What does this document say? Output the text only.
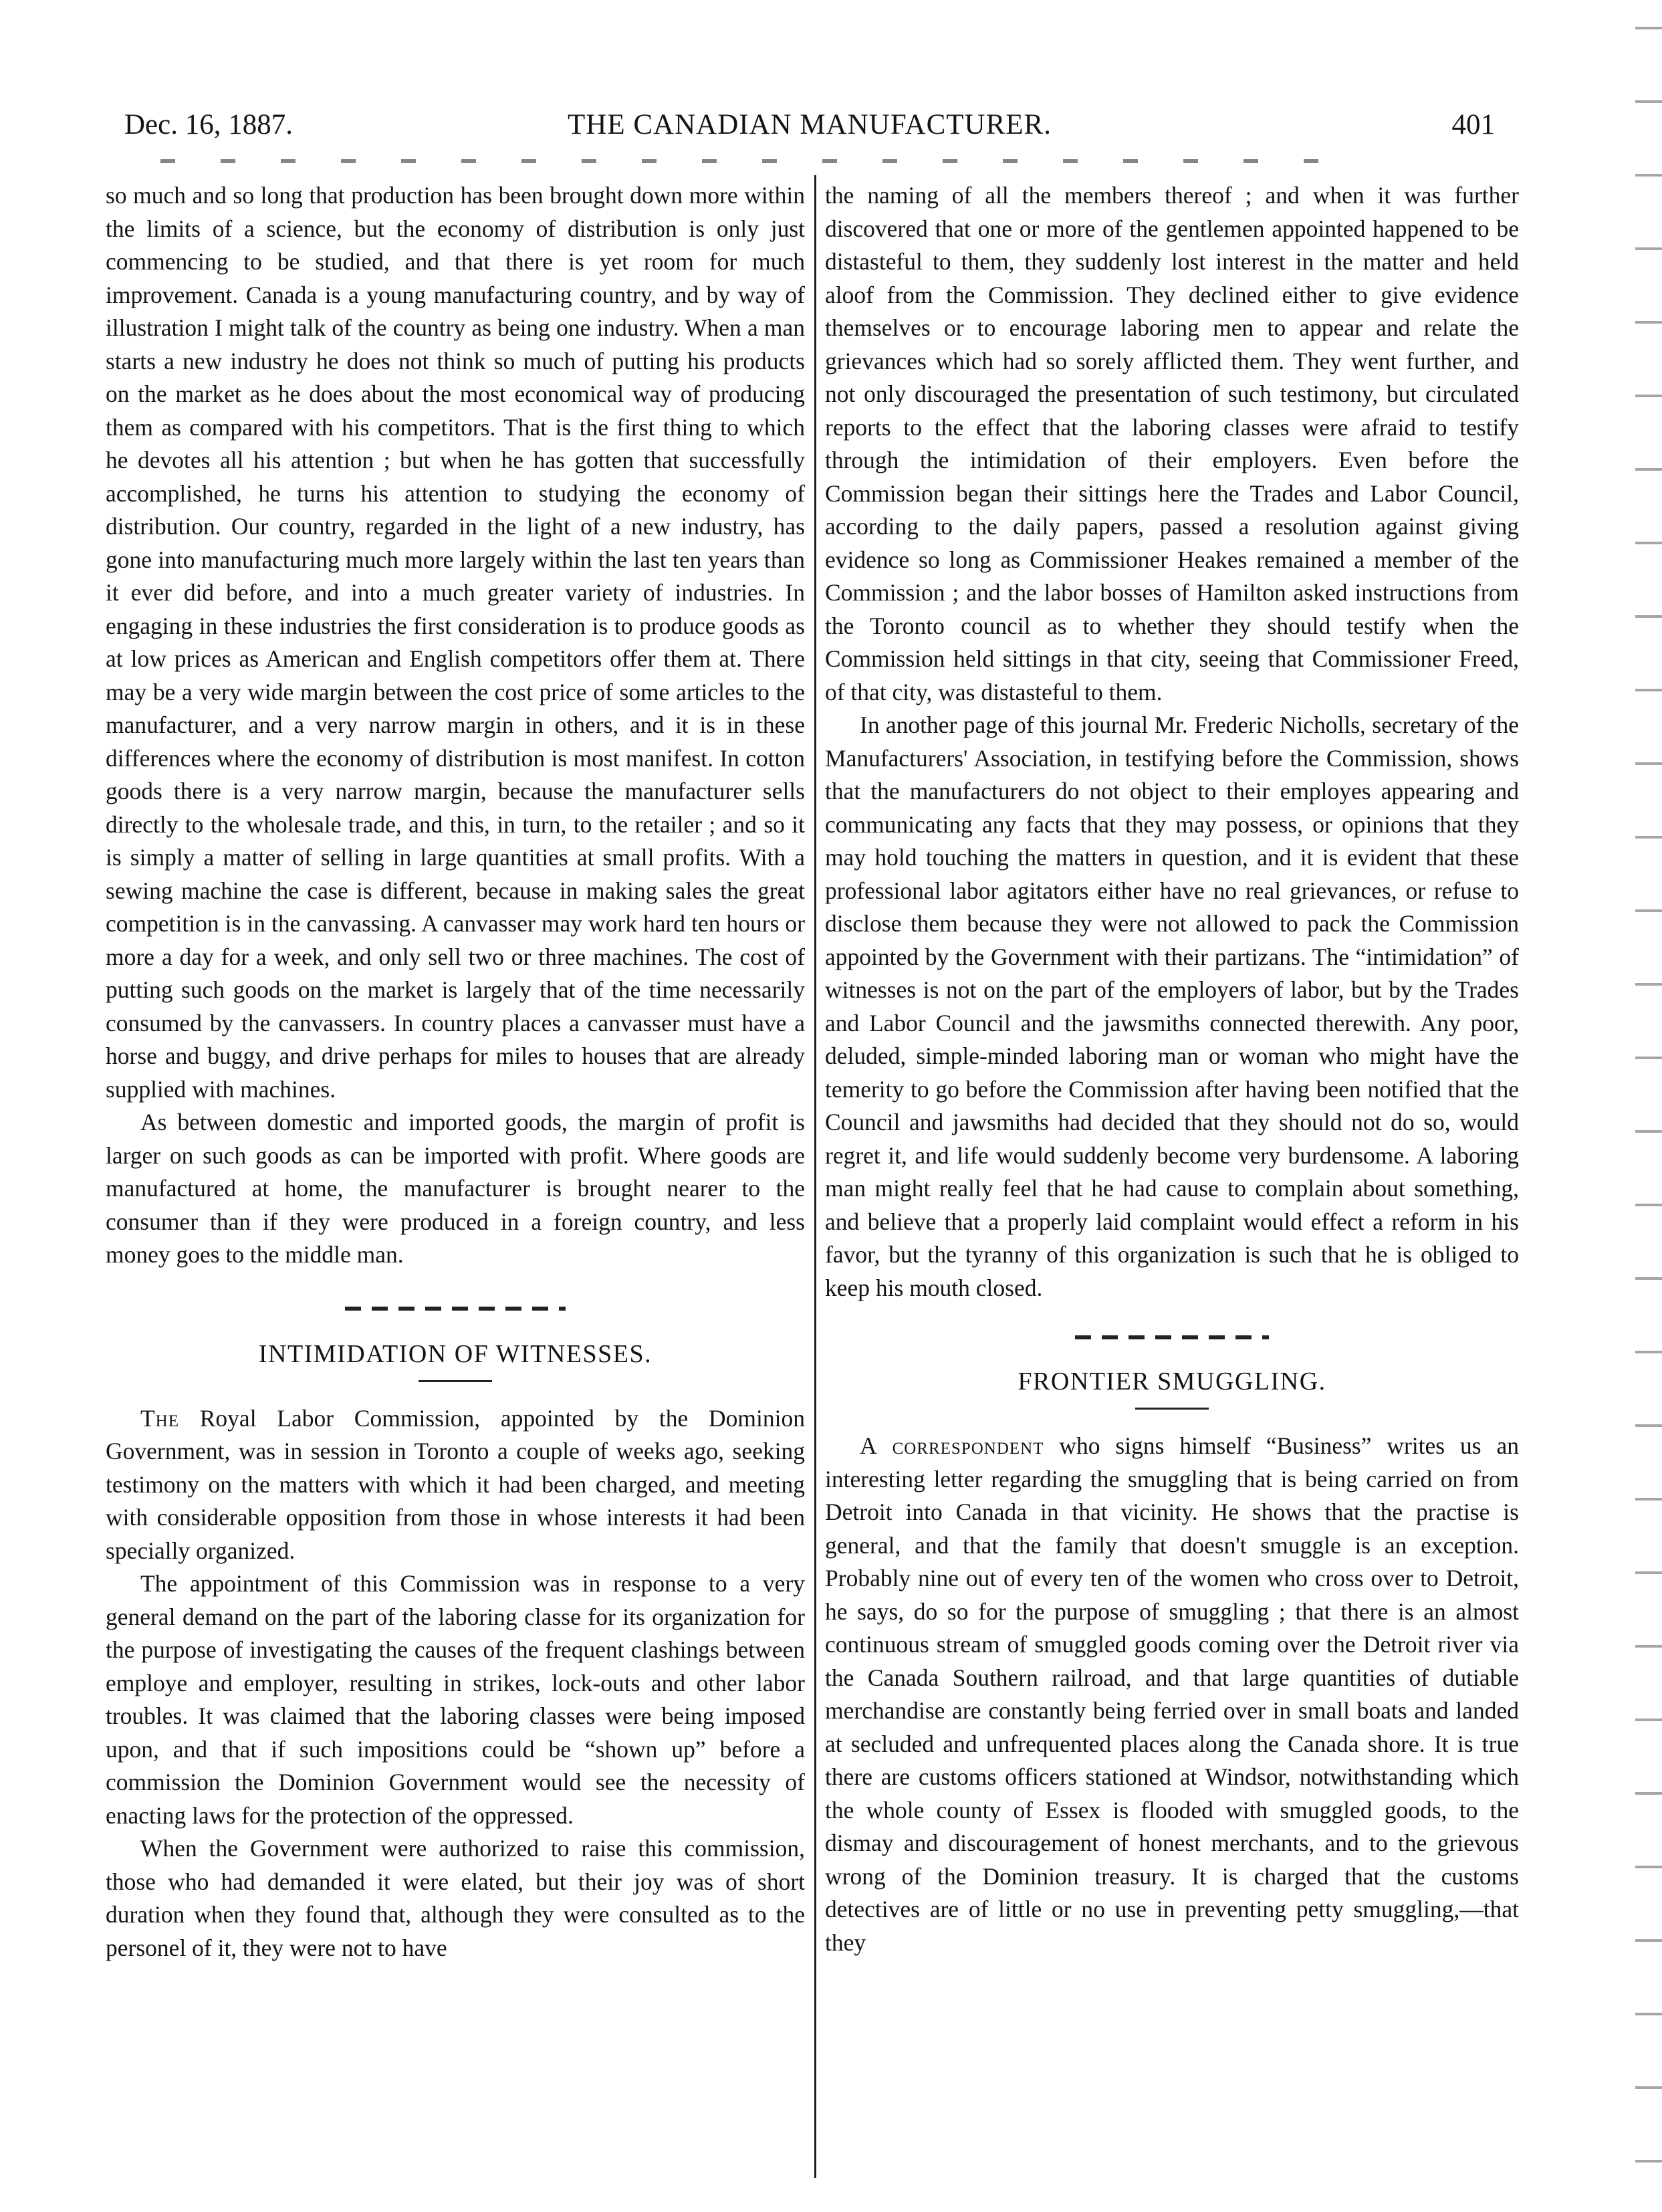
Dec. 16, 1887.	THE CANADIAN MANUFACTURER.	401

so much and so long that production has been brought down more within the limits of a science, but the economy of distribution is only just commencing to be studied, and that there is yet room for much improvement. Canada is a young manufacturing country, and by way of illustration I might talk of the country as being one industry. When a man starts a new industry he does not think so much of putting his products on the market as he does about the most economical way of producing them as compared with his competitors. That is the first thing to which he devotes all his attention ; but when he has gotten that successfully accomplished, he turns his attention to studying the economy of distribution. Our country, regarded in the light of a new industry, has gone into manufacturing much more largely within the last ten years than it ever did before, and into a much greater variety of industries. In engaging in these industries the first consideration is to produce goods as at low prices as American and English competitors offer them at. There may be a very wide margin between the cost price of some articles to the manufacturer, and a very narrow margin in others, and it is in these differences where the economy of distribution is most manifest. In cotton goods there is a very narrow margin, because the manufacturer sells directly to the wholesale trade, and this, in turn, to the retailer ; and so it is simply a matter of selling in large quantities at small profits. With a sewing machine the case is different, because in making sales the great competition is in the canvassing. A canvasser may work hard ten hours or more a day for a week, and only sell two or three machines. The cost of putting such goods on the market is largely that of the time necessarily consumed by the canvassers. In country places a canvasser must have a horse and buggy, and drive perhaps for miles to houses that are already supplied with machines.

As between domestic and imported goods, the margin of profit is larger on such goods as can be imported with profit. Where goods are manufactured at home, the manufacturer is brought nearer to the consumer than if they were produced in a foreign country, and less money goes to the middle man.

INTIMIDATION OF WITNESSES.

The Royal Labor Commission, appointed by the Dominion Government, was in session in Toronto a couple of weeks ago, seeking testimony on the matters with which it had been charged, and meeting with considerable opposition from those in whose interests it had been specially organized.

The appointment of this Commission was in response to a very general demand on the part of the laboring classe for its organization for the purpose of investigating the causes of the frequent clashings between employe and employer, resulting in strikes, lock-outs and other labor troubles. It was claimed that the laboring classes were being imposed upon, and that if such impositions could be “shown up” before a commission the Dominion Government would see the necessity of enacting laws for the protection of the oppressed.

When the Government were authorized to raise this commission, those who had demanded it were elated, but their joy was of short duration when they found that, although they were consulted as to the personel of it, they were not to have

the naming of all the members thereof ; and when it was further discovered that one or more of the gentlemen appointed happened to be distasteful to them, they suddenly lost interest in the matter and held aloof from the Commission. They declined either to give evidence themselves or to encourage laboring men to appear and relate the grievances which had so sorely afflicted them. They went further, and not only discouraged the presentation of such testimony, but circulated reports to the effect that the laboring classes were afraid to testify through the intimidation of their employers. Even before the Commission began their sittings here the Trades and Labor Council, according to the daily papers, passed a resolution against giving evidence so long as Commissioner Heakes remained a member of the Commission ; and the labor bosses of Hamilton asked instructions from the Toronto council as to whether they should testify when the Commission held sittings in that city, seeing that Commissioner Freed, of that city, was distasteful to them.

In another page of this journal Mr. Frederic Nicholls, secretary of the Manufacturers' Association, in testifying before the Commission, shows that the manufacturers do not object to their employes appearing and communicating any facts that they may possess, or opinions that they may hold touching the matters in question, and it is evident that these professional labor agitators either have no real grievances, or refuse to disclose them because they were not allowed to pack the Commission appointed by the Government with their partizans. The “intimidation” of witnesses is not on the part of the employers of labor, but by the Trades and Labor Council and the jawsmiths connected therewith. Any poor, deluded, simple-minded laboring man or woman who might have the temerity to go before the Commission after having been notified that the Council and jawsmiths had decided that they should not do so, would regret it, and life would suddenly become very burdensome. A laboring man might really feel that he had cause to complain about something, and believe that a properly laid complaint would effect a reform in his favor, but the tyranny of this organization is such that he is obliged to keep his mouth closed.

FRONTIER SMUGGLING.

A correspondent who signs himself “Business” writes us an interesting letter regarding the smuggling that is being carried on from Detroit into Canada in that vicinity. He shows that the practise is general, and that the family that doesn't smuggle is an exception. Probably nine out of every ten of the women who cross over to Detroit, he says, do so for the purpose of smuggling ; that there is an almost continuous stream of smuggled goods coming over the Detroit river via the Canada Southern railroad, and that large quantities of dutiable merchandise are constantly being ferried over in small boats and landed at secluded and unfrequented places along the Canada shore. It is true there are customs officers stationed at Windsor, notwithstanding which the whole county of Essex is flooded with smuggled goods, to the dismay and discouragement of honest merchants, and to the grievous wrong of the Dominion treasury. It is charged that the customs detectives are of little or no use in preventing petty smuggling,—that they
